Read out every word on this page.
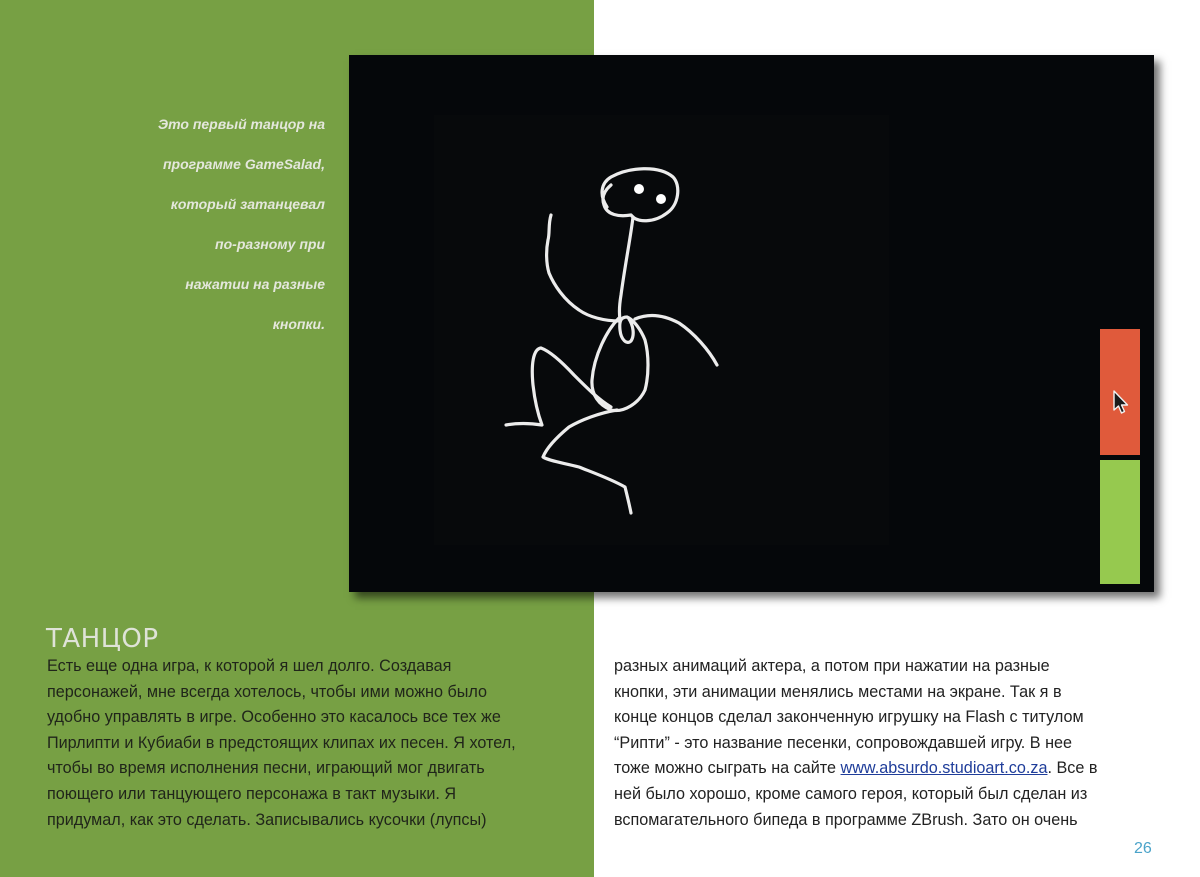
Это первый танцор на

программе GameSalad,

который затанцевал

по-разному при

нажатии на разные

кнопки.

ТАНЦОР
Есть еще одна игра, к которой я шел долго. Создавая
персонажей, мне всегда хотелось, чтобы ими можно было
удобно управлять в игре. Особенно это касалось все тех же
Пирлипти и Кубиаби в предстоящих клипах их песен. Я хотел,
чтобы во время исполнения песни, играющий мог двигать
поющего или танцующего персонажа в такт музыки. Я
придумал, как это сделать. Записывались кусочки (лупсы)
разных анимаций актера, а потом при нажатии на разные
кнопки, эти анимации менялись местами на экране. Так я в
конце концов сделал законченную игрушку на Flash с титулом
“Рипти” - это название песенки, сопровождавшей игру. В нее
тоже можно сыграть на сайте www.absurdo.studioart.co.za. Все в
ней было хорошо, кроме самого героя, который был сделан из
вспомагательного бипеда в программе ZBrush. Зато он очень
26
